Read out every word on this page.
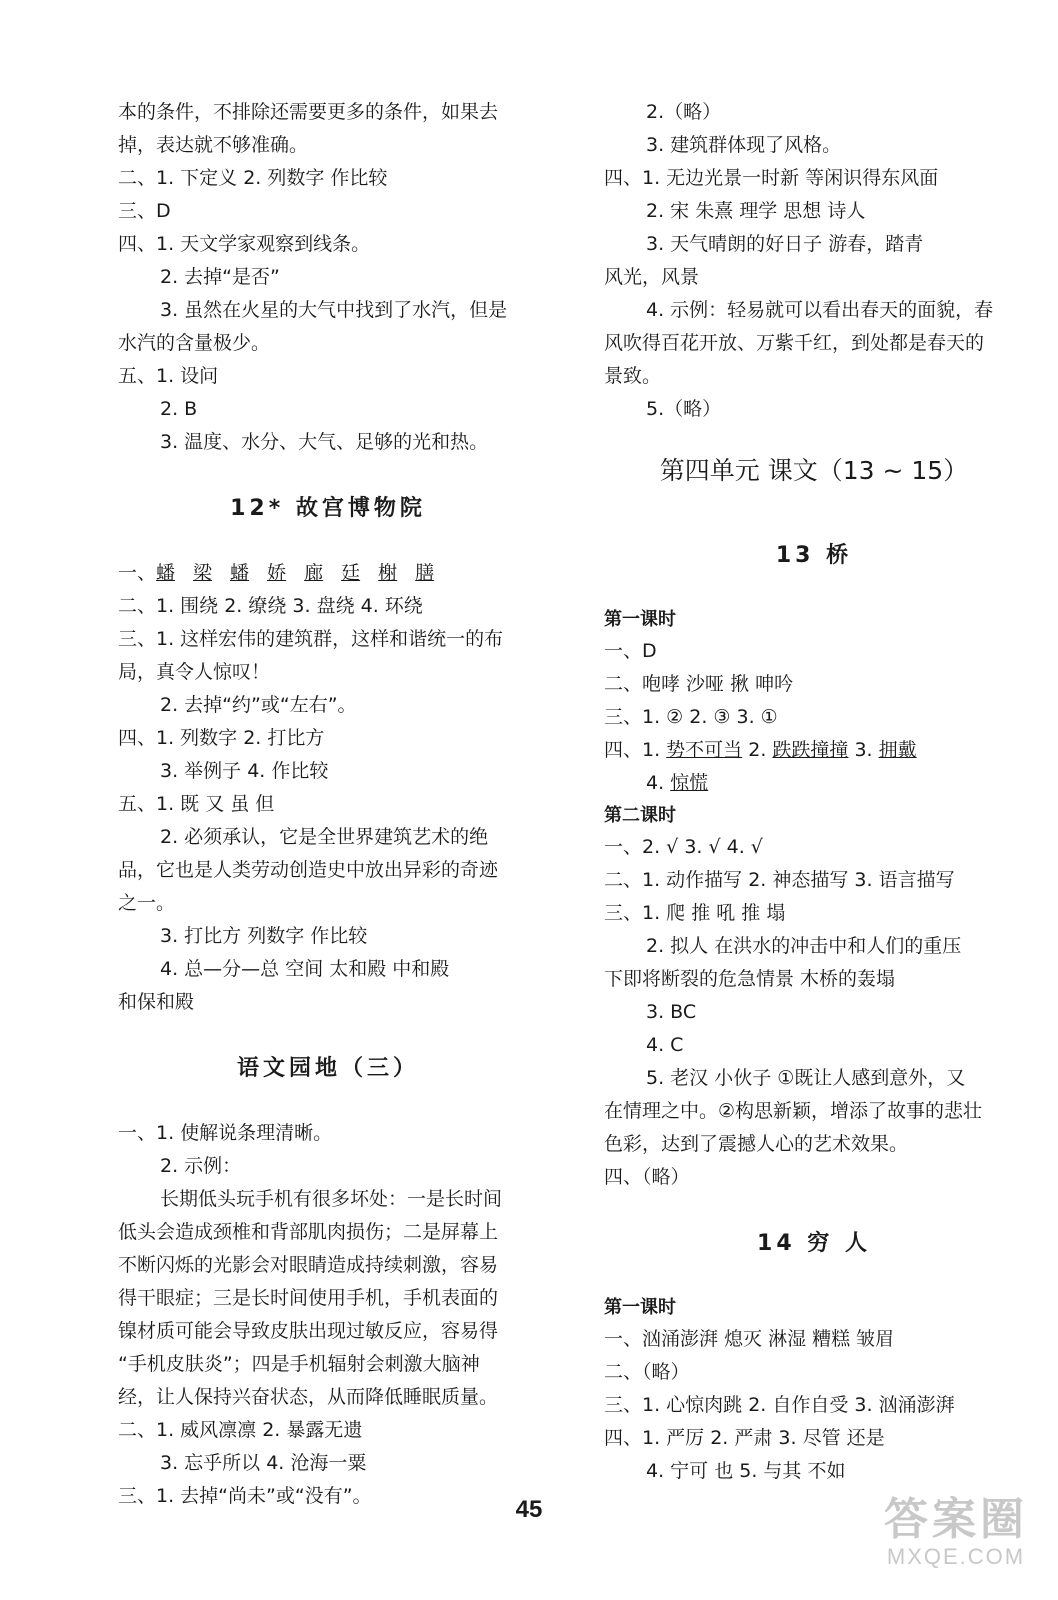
本的条件，不排除还需要更多的条件，如果去
掉，表达就不够准确。
二、1. 下定义 2. 列数字 作比较
三、D
四、1. 天文学家观察到线条。
2. 去掉“是否”
3. 虽然在火星的大气中找到了水汽，但是
水汽的含量极少。
五、1. 设问
2. B
3. 温度、水分、大气、足够的光和热。
12* 故宫博物院
一、蟠 梁 蟠 娇 廊 廷 榭 膳
二、1. 围绕 2. 缭绕 3. 盘绕 4. 环绕
三、1. 这样宏伟的建筑群，这样和谐统一的布
局，真令人惊叹！
2. 去掉“约”或“左右”。
四、1. 列数字 2. 打比方
3. 举例子 4. 作比较
五、1. 既 又 虽 但
2. 必须承认，它是全世界建筑艺术的绝
品，它也是人类劳动创造史中放出异彩的奇迹
之一。
3. 打比方 列数字 作比较
4. 总—分—总 空间 太和殿 中和殿
和保和殿
语文园地（三）
一、1. 使解说条理清晰。
2. 示例：
长期低头玩手机有很多坏处：一是长时间
低头会造成颈椎和背部肌肉损伤；二是屏幕上
不断闪烁的光影会对眼睛造成持续刺激，容易
得干眼症；三是长时间使用手机，手机表面的
镍材质可能会导致皮肤出现过敏反应，容易得
“手机皮肤炎”；四是手机辐射会刺激大脑神
经，让人保持兴奋状态，从而降低睡眠质量。
二、1. 威风凛凛 2. 暴露无遗
3. 忘乎所以 4. 沧海一粟
三、1. 去掉“尚未”或“没有”。
2.（略）
3. 建筑群体现了风格。
四、1. 无边光景一时新 等闲识得东风面
2. 宋 朱熹 理学 思想 诗人
3. 天气晴朗的好日子 游春，踏青
风光，风景
4. 示例：轻易就可以看出春天的面貌，春
风吹得百花开放、万紫千红，到处都是春天的
景致。
5.（略）
第四单元 课文（13 ~ 15）
13 桥
第一课时
一、D
二、咆哮 沙哑 揪 呻吟
三、1. ② 2. ③ 3. ①
四、1. 势不可当 2. 跌跌撞撞 3. 拥戴
4. 惊慌
第二课时
一、2. √ 3. √ 4. √
二、1. 动作描写 2. 神态描写 3. 语言描写
三、1. 爬 推 吼 推 塌
2. 拟人 在洪水的冲击中和人们的重压
下即将断裂的危急情景 木桥的轰塌
3. BC
4. C
5. 老汉 小伙子 ①既让人感到意外，又
在情理之中。②构思新颖，增添了故事的悲壮
色彩，达到了震撼人心的艺术效果。
四、（略）
14 穷 人
第一课时
一、汹涌澎湃 熄灭 淋湿 糟糕 皱眉
二、（略）
三、1. 心惊肉跳 2. 自作自受 3. 汹涌澎湃
四、1. 严厉 2. 严肃 3. 尽管 还是
4. 宁可 也 5. 与其 不如
45	答案圈
MXQE.COM
